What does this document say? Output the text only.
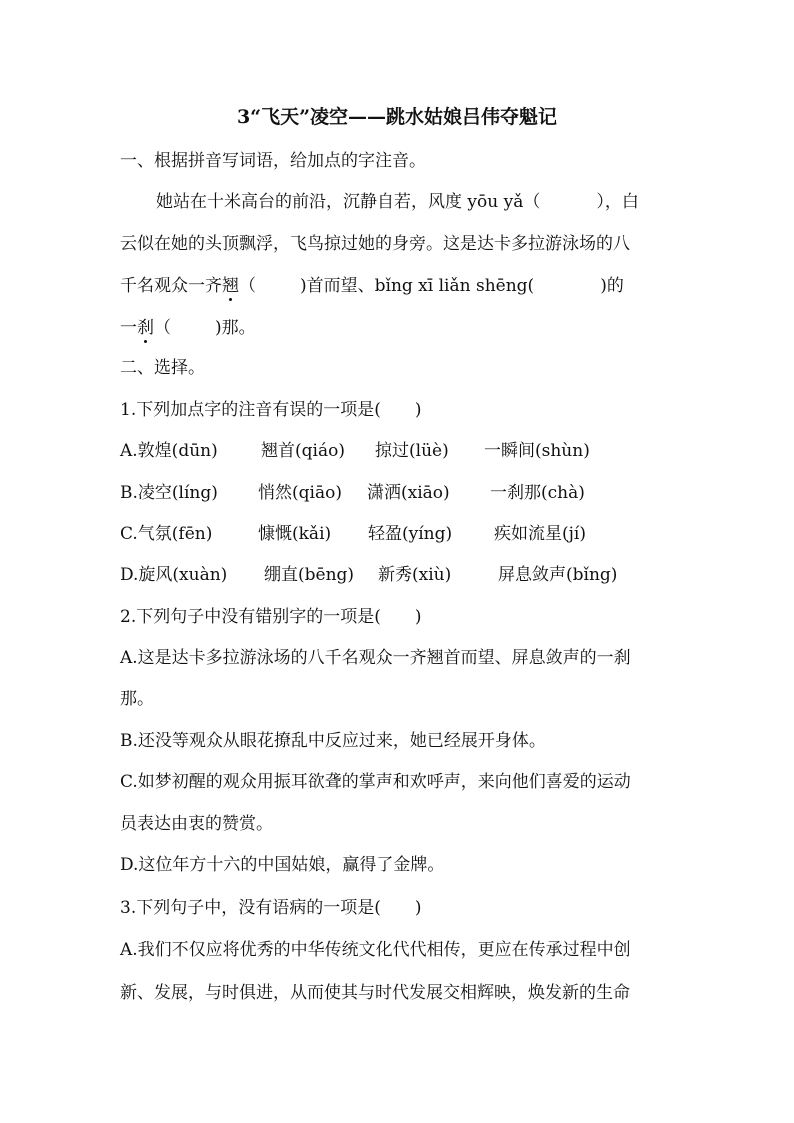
3“飞天”凌空——跳水姑娘吕伟夺魁记
一、根据拼音写词语，给加点的字注音。
她站在十米高台的前沿，沉静自若，风度 yōu yǎ（	），白
云似在她的头顶飘浮，飞鸟掠过她的身旁。这是达卡多拉游泳场的八
千名观众一齐翘（	)首而望、bǐng xī liǎn shēng(	)的
一刹（	)那。
二、选择。
1.下列加点字的注音有误的一项是(　　)
A.敦煌(dūn)	翘首(qiáo) 掠过(lüè) 一瞬间(shùn)
B.凌空(líng) 悄然(qiāo) 潇洒(xiāo) 一刹那(chà)
C.气氛(fēn)	慷慨(kǎi) 轻盈(yíng) 疾如流星(jí)
D.旋风(xuàn) 绷直(bēng) 新秀(xiù)	屏息敛声(bǐng)
2.下列句子中没有错别字的一项是(　　)
A.这是达卡多拉游泳场的八千名观众一齐翘首而望、屏息敛声的一刹
那。
B.还没等观众从眼花撩乱中反应过来，她已经展开身体。
C.如梦初醒的观众用振耳欲聋的掌声和欢呼声，来向他们喜爱的运动
员表达由衷的赞赏。
D.这位年方十六的中国姑娘，赢得了金牌。
3.下列句子中，没有语病的一项是(　　)
A.我们不仅应将优秀的中华传统文化代代相传，更应在传承过程中创
新、发展，与时俱进，从而使其与时代发展交相辉映，焕发新的生命
